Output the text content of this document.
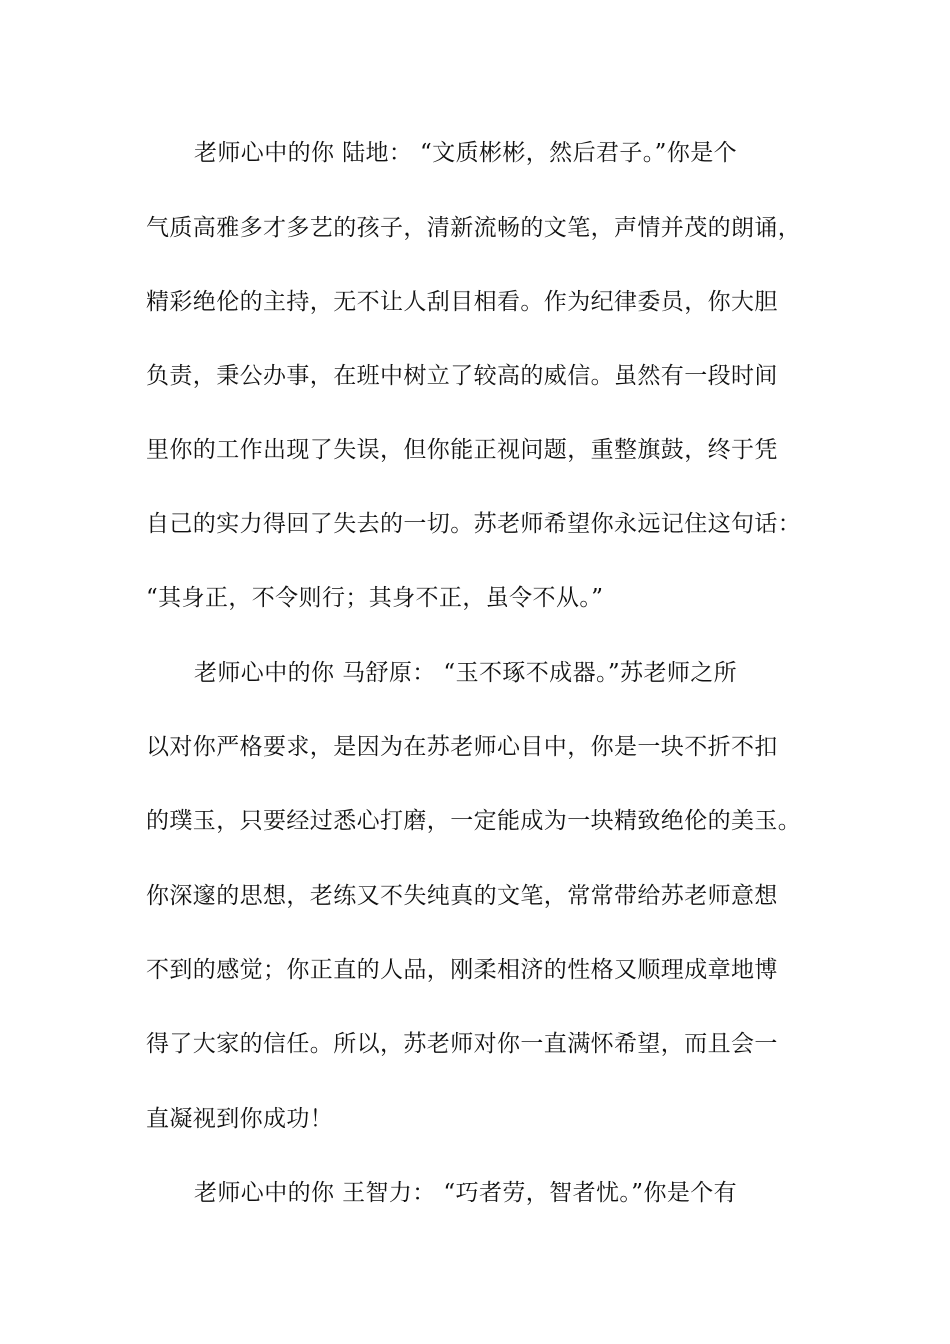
老师心中的你 陆地： “文质彬彬，然后君子。”你是个
气质高雅多才多艺的孩子，清新流畅的文笔，声情并茂的朗诵，
精彩绝伦的主持，无不让人刮目相看。作为纪律委员，你大胆
负责，秉公办事，在班中树立了较高的威信。虽然有一段时间
里你的工作出现了失误，但你能正视问题，重整旗鼓，终于凭
自己的实力得回了失去的一切。苏老师希望你永远记住这句话：
“其身正，不令则行；其身不正，虽令不从。”
老师心中的你 马舒原： “玉不琢不成器。”苏老师之所
以对你严格要求，是因为在苏老师心目中，你是一块不折不扣
的璞玉，只要经过悉心打磨，一定能成为一块精致绝伦的美玉。
你深邃的思想，老练又不失纯真的文笔，常常带给苏老师意想
不到的感觉；你正直的人品，刚柔相济的性格又顺理成章地博
得了大家的信任。所以，苏老师对你一直满怀希望，而且会一
直凝视到你成功！
老师心中的你 王智力： “巧者劳，智者忧。”你是个有
